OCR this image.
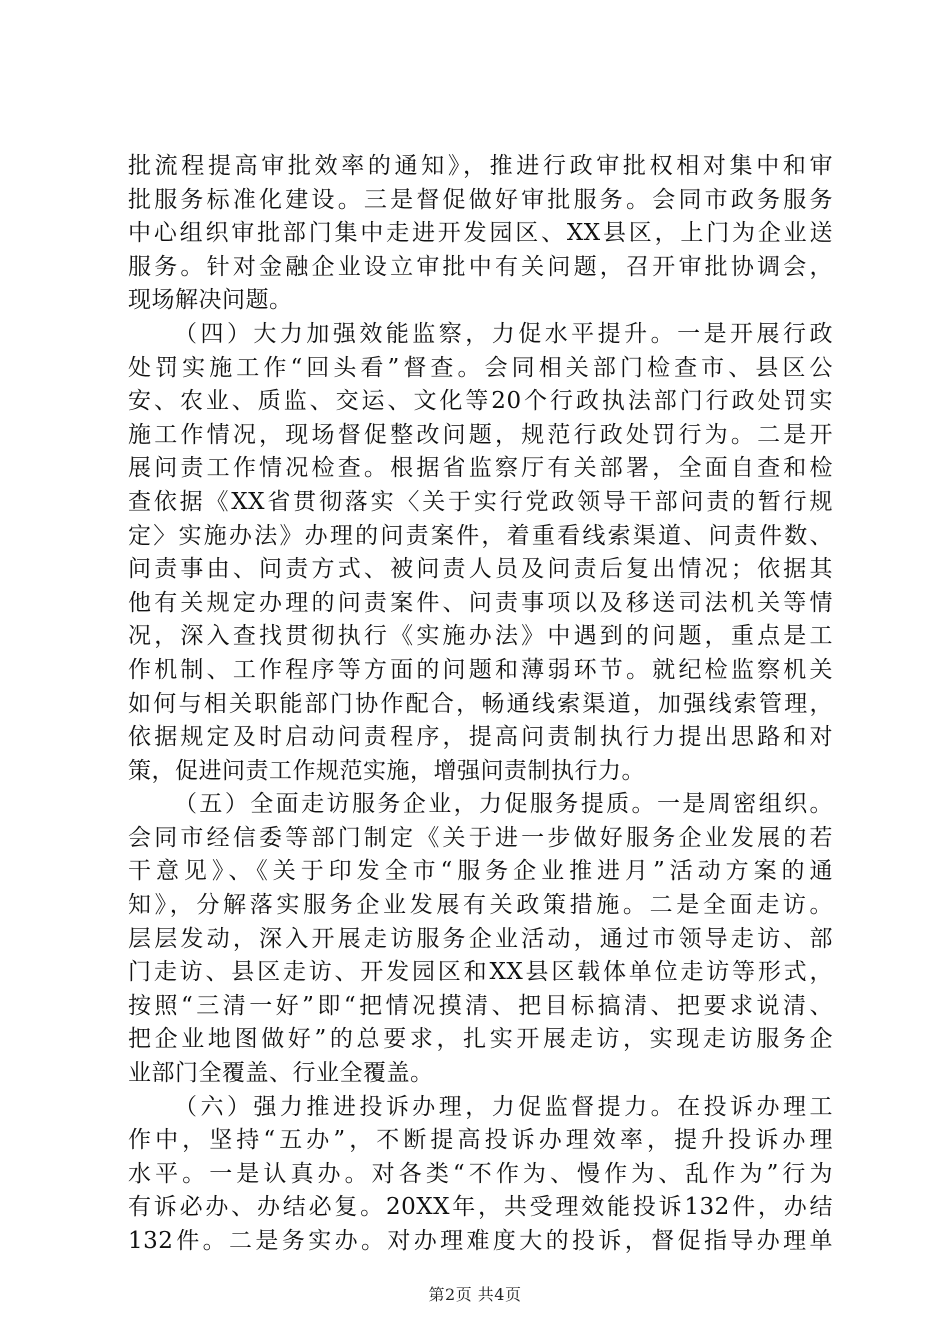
批流程提高审批效率的通知》，推进行政审批权相对集中和审
批服务标准化建设。三是督促做好审批服务。会同市政务服务
中心组织审批部门集中走进开发园区、XX县区，上门为企业送
服务。针对金融企业设立审批中有关问题，召开审批协调会，
现场解决问题。
（四）大力加强效能监察，力促水平提升。一是开展行政
处罚实施工作“回头看”督查。会同相关部门检查市、县区公
安、农业、质监、交运、文化等20个行政执法部门行政处罚实
施工作情况，现场督促整改问题，规范行政处罚行为。二是开
展问责工作情况检查。根据省监察厅有关部署，全面自查和检
查依据《XX省贯彻落实〈关于实行党政领导干部问责的暂行规
定〉实施办法》办理的问责案件，着重看线索渠道、问责件数、
问责事由、问责方式、被问责人员及问责后复出情况；依据其
他有关规定办理的问责案件、问责事项以及移送司法机关等情
况，深入查找贯彻执行《实施办法》中遇到的问题，重点是工
作机制、工作程序等方面的问题和薄弱环节。就纪检监察机关
如何与相关职能部门协作配合，畅通线索渠道，加强线索管理，
依据规定及时启动问责程序，提高问责制执行力提出思路和对
策，促进问责工作规范实施，增强问责制执行力。
（五）全面走访服务企业，力促服务提质。一是周密组织。
会同市经信委等部门制定《关于进一步做好服务企业发展的若
干意见》、《关于印发全市“服务企业推进月”活动方案的通
知》，分解落实服务企业发展有关政策措施。二是全面走访。
层层发动，深入开展走访服务企业活动，通过市领导走访、部
门走访、县区走访、开发园区和XX县区载体单位走访等形式，
按照“三清一好”即“把情况摸清、把目标搞清、把要求说清、
把企业地图做好”的总要求，扎实开展走访，实现走访服务企
业部门全覆盖、行业全覆盖。
（六）强力推进投诉办理，力促监督提力。在投诉办理工
作中，坚持“五办”，不断提高投诉办理效率，提升投诉办理
水平。一是认真办。对各类“不作为、慢作为、乱作为”行为
有诉必办、办结必复。20XX年，共受理效能投诉132件，办结
132件。二是务实办。对办理难度大的投诉，督促指导办理单
第2页 共4页
